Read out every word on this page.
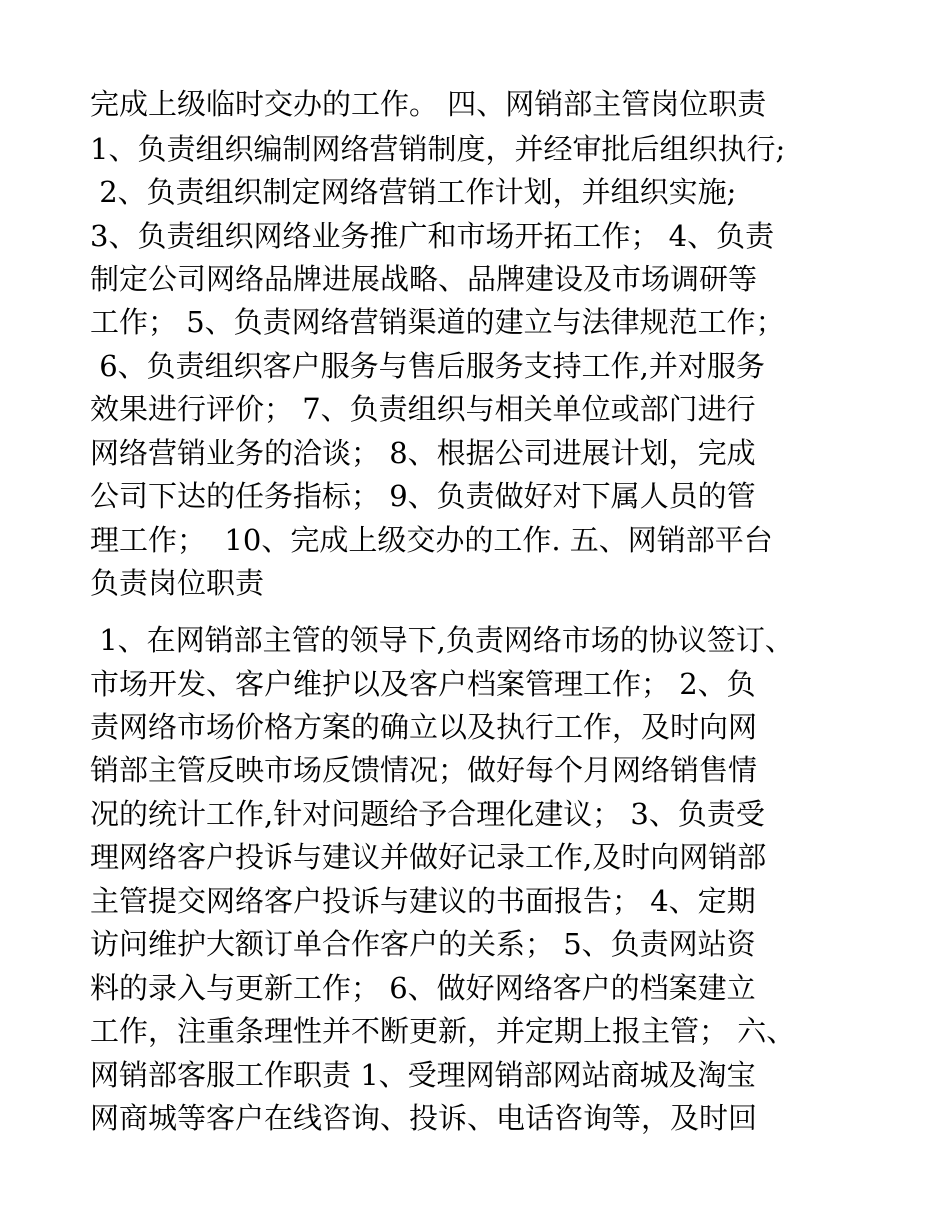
完成上级临时交办的工作。 四、网销部主管岗位职责
1、负责组织编制网络营销制度，并经审批后组织执行;
2、负责组织制定网络营销工作计划，并组织实施;
3、负责组织网络业务推广和市场开拓工作； 4、负责
制定公司网络品牌进展战略、品牌建设及市场调研等
工作； 5、负责网络营销渠道的建立与法律规范工作；
6、负责组织客户服务与售后服务支持工作,并对服务
效果进行评价； 7、负责组织与相关单位或部门进行
网络营销业务的洽谈； 8、根据公司进展计划，完成
公司下达的任务指标； 9、负责做好对下属人员的管
理工作；  10、完成上级交办的工作. 五、网销部平台
负责岗位职责
1、在网销部主管的领导下,负责网络市场的协议签订、
市场开发、客户维护以及客户档案管理工作； 2、负
责网络市场价格方案的确立以及执行工作，及时向网
销部主管反映市场反馈情况；做好每个月网络销售情
况的统计工作,针对问题给予合理化建议； 3、负责受
理网络客户投诉与建议并做好记录工作,及时向网销部
主管提交网络客户投诉与建议的书面报告； 4、定期
访问维护大额订单合作客户的关系； 5、负责网站资
料的录入与更新工作； 6、做好网络客户的档案建立
工作，注重条理性并不断更新，并定期上报主管； 六、
网销部客服工作职责 1、受理网销部网站商城及淘宝
网商城等客户在线咨询、投诉、电话咨询等，及时回
